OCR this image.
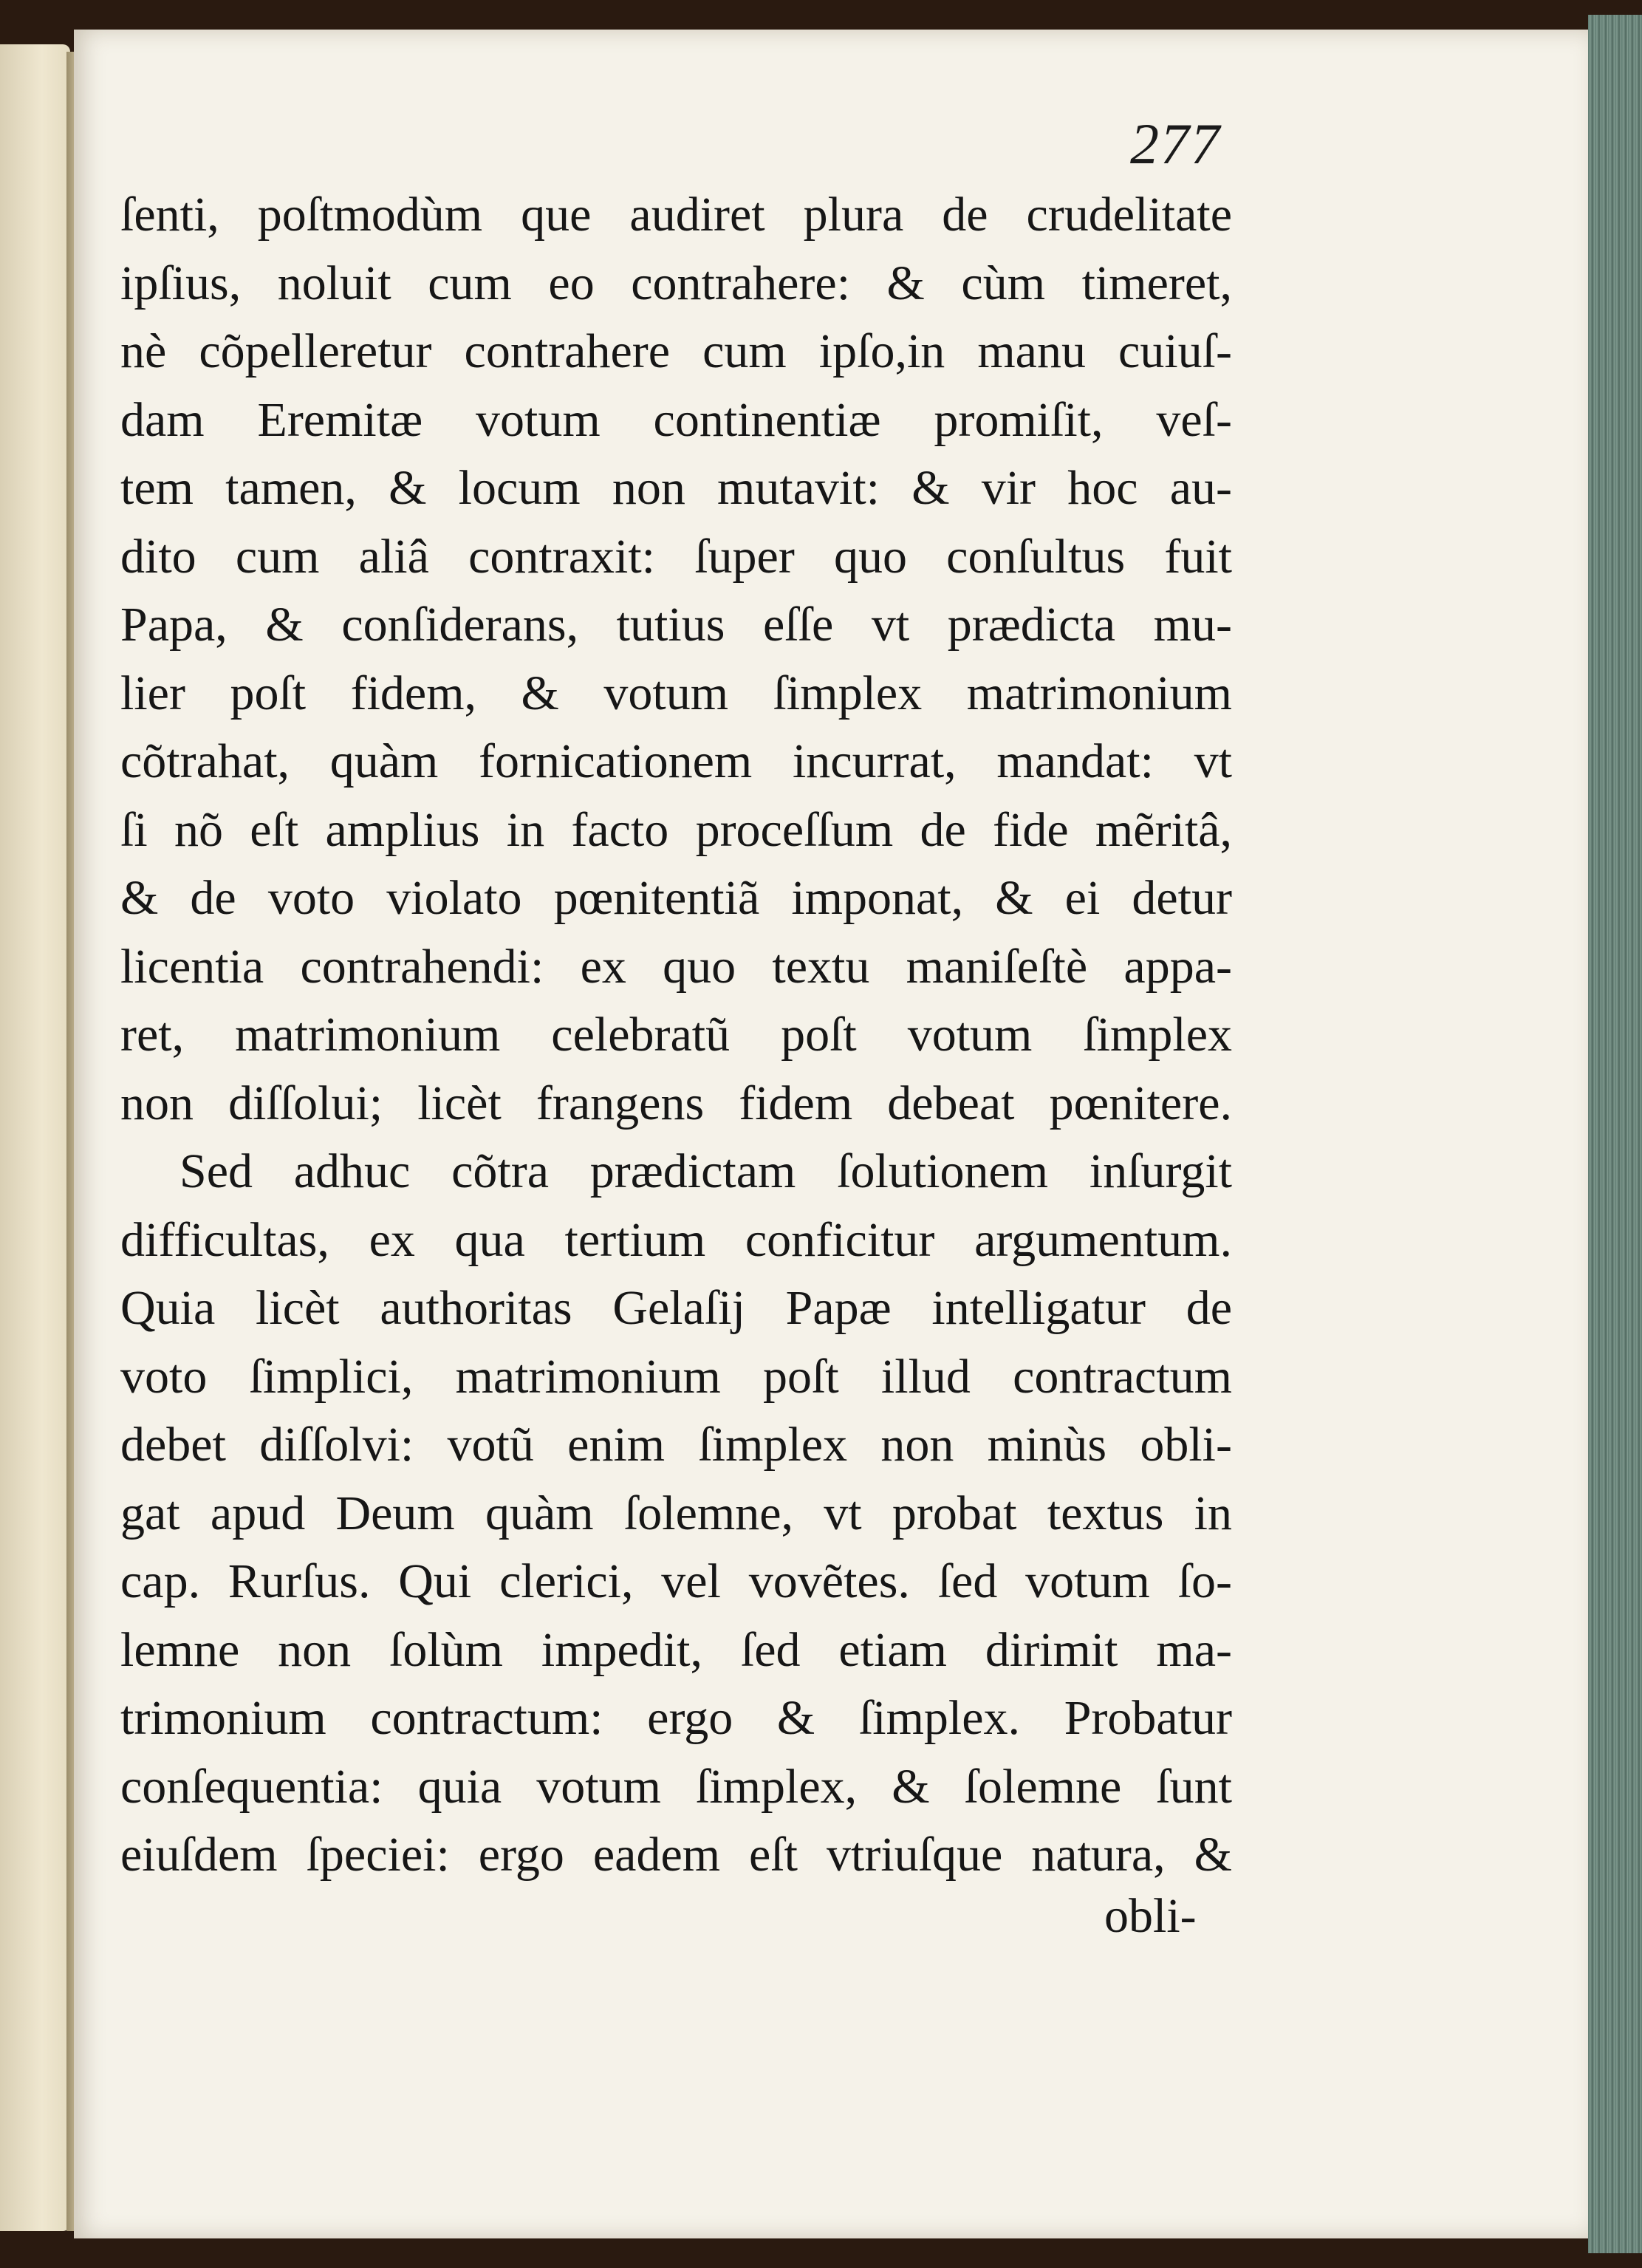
277
ſenti, poſtmodùm que audiret plura de crudelitate
ipſius, noluit cum eo contrahere: & cùm timeret,
nè cõpelleretur contrahere cum ipſo,in manu cuiuſ-
dam Eremitæ votum continentiæ promiſit, veſ-
tem tamen, & locum non mutavit: & vir hoc au-
dito cum aliâ contraxit: ſuper quo conſultus fuit
Papa, & conſiderans, tutius eſſe vt prædicta mu-
lier poſt fidem, & votum ſimplex matrimonium
cõtrahat, quàm fornicationem incurrat, mandat: vt
ſi nõ eſt amplius in facto proceſſum de fide mẽritâ,
& de voto violato pœnitentiã imponat, & ei detur
licentia contrahendi: ex quo textu maniſeſtè appa-
ret, matrimonium celebratũ poſt votum ſimplex
non diſſolui; licèt frangens fidem debeat pœnitere.
Sed adhuc cõtra prædictam ſolutionem inſurgit
difficultas, ex qua tertium conficitur argumentum.
Quia licèt authoritas Gelaſij Papæ intelligatur de
voto ſimplici, matrimonium poſt illud contractum
debet diſſolvi: votũ enim ſimplex non minùs obli-
gat apud Deum quàm ſolemne, vt probat textus in
cap. Rurſus. Qui clerici, vel vovẽtes. ſed votum ſo-
lemne non ſolùm impedit, ſed etiam dirimit ma-
trimonium contractum: ergo & ſimplex. Probatur
conſequentia: quia votum ſimplex, & ſolemne ſunt
eiuſdem ſpeciei: ergo eadem eſt vtriuſque natura, &
obli-
